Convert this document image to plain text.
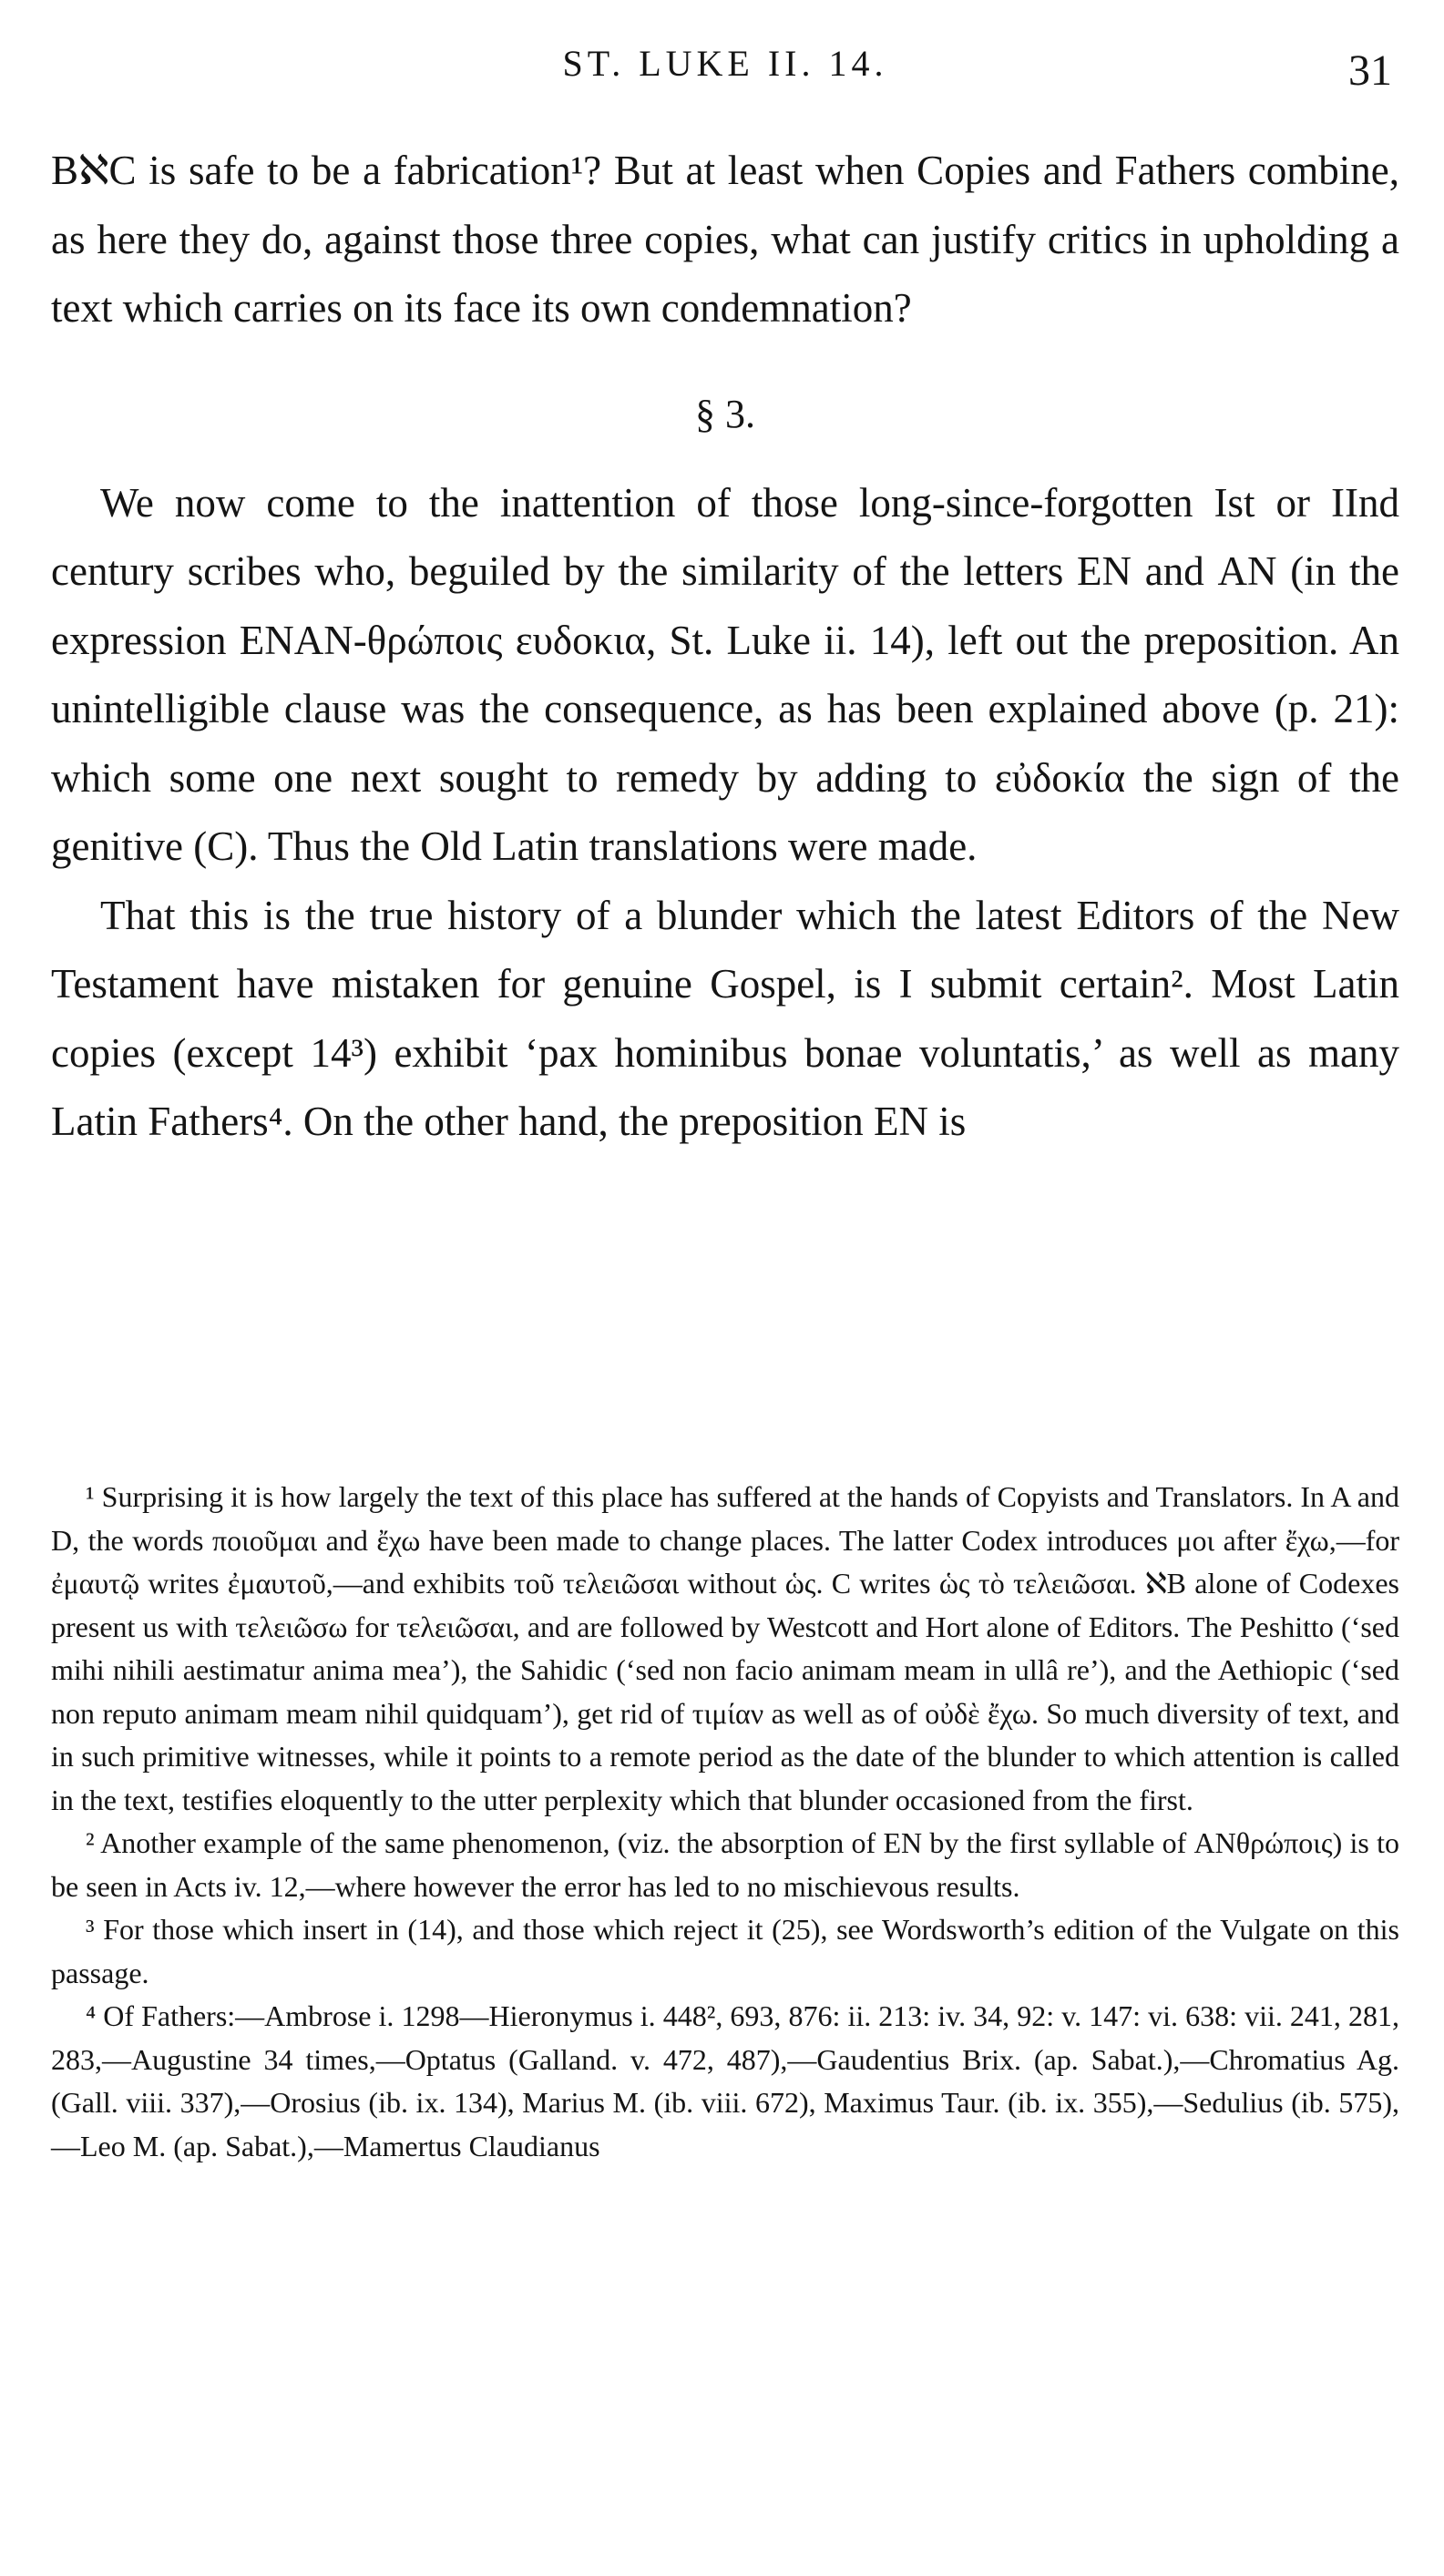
ST. LUKE II. 14.	31

BℵC is safe to be a fabrication¹? But at least when Copies and Fathers combine, as here they do, against those three copies, what can justify critics in upholding a text which carries on its face its own condemnation?

§ 3.

We now come to the inattention of those long-since-forgotten Ist or IInd century scribes who, beguiled by the similarity of the letters ΕN and ΑN (in the expression ΕNΑN-θρώποις ευδοκια, St. Luke ii. 14), left out the preposition. An unintelligible clause was the consequence, as has been explained above (p. 21): which some one next sought to remedy by adding to εὐδοκία the sign of the genitive (C). Thus the Old Latin translations were made.

That this is the true history of a blunder which the latest Editors of the New Testament have mistaken for genuine Gospel, is I submit certain². Most Latin copies (except 14³) exhibit ‘pax hominibus bonae voluntatis,’ as well as many Latin Fathers⁴. On the other hand, the preposition ΕN is

¹ Surprising it is how largely the text of this place has suffered at the hands of Copyists and Translators. In A and D, the words ποιοῦμαι and ἔχω have been made to change places. The latter Codex introduces μοι after ἔχω,—for ἐμαυτῷ writes ἐμαυτοῦ,—and exhibits τοῦ τελειῶσαι without ὡς. C writes ὡς τὸ τελειῶσαι. ℵB alone of Codexes present us with τελειῶσω for τελειῶσαι, and are followed by Westcott and Hort alone of Editors. The Peshitto (‘sed mihi nihili aestimatur anima mea’), the Sahidic (‘sed non facio animam meam in ullâ re’), and the Aethiopic (‘sed non reputo animam meam nihil quidquam’), get rid of τιμίαν as well as of οὐδὲ ἔχω. So much diversity of text, and in such primitive witnesses, while it points to a remote period as the date of the blunder to which attention is called in the text, testifies eloquently to the utter perplexity which that blunder occasioned from the first.

² Another example of the same phenomenon, (viz. the absorption of ΕN by the first syllable of ΑNθρώποις) is to be seen in Acts iv. 12,—where however the error has led to no mischievous results.

³ For those which insert in (14), and those which reject it (25), see Wordsworth’s edition of the Vulgate on this passage.

⁴ Of Fathers:—Ambrose i. 1298—Hieronymus i. 448², 693, 876: ii. 213: iv. 34, 92: v. 147: vi. 638: vii. 241, 281, 283,—Augustine 34 times,—Optatus (Galland. v. 472, 487),—Gaudentius Brix. (ap. Sabat.),—Chromatius Ag. (Gall. viii. 337),—Orosius (ib. ix. 134), Marius M. (ib. viii. 672), Maximus Taur. (ib. ix. 355),—Sedulius (ib. 575),—Leo M. (ap. Sabat.),—Mamertus Claudianus
